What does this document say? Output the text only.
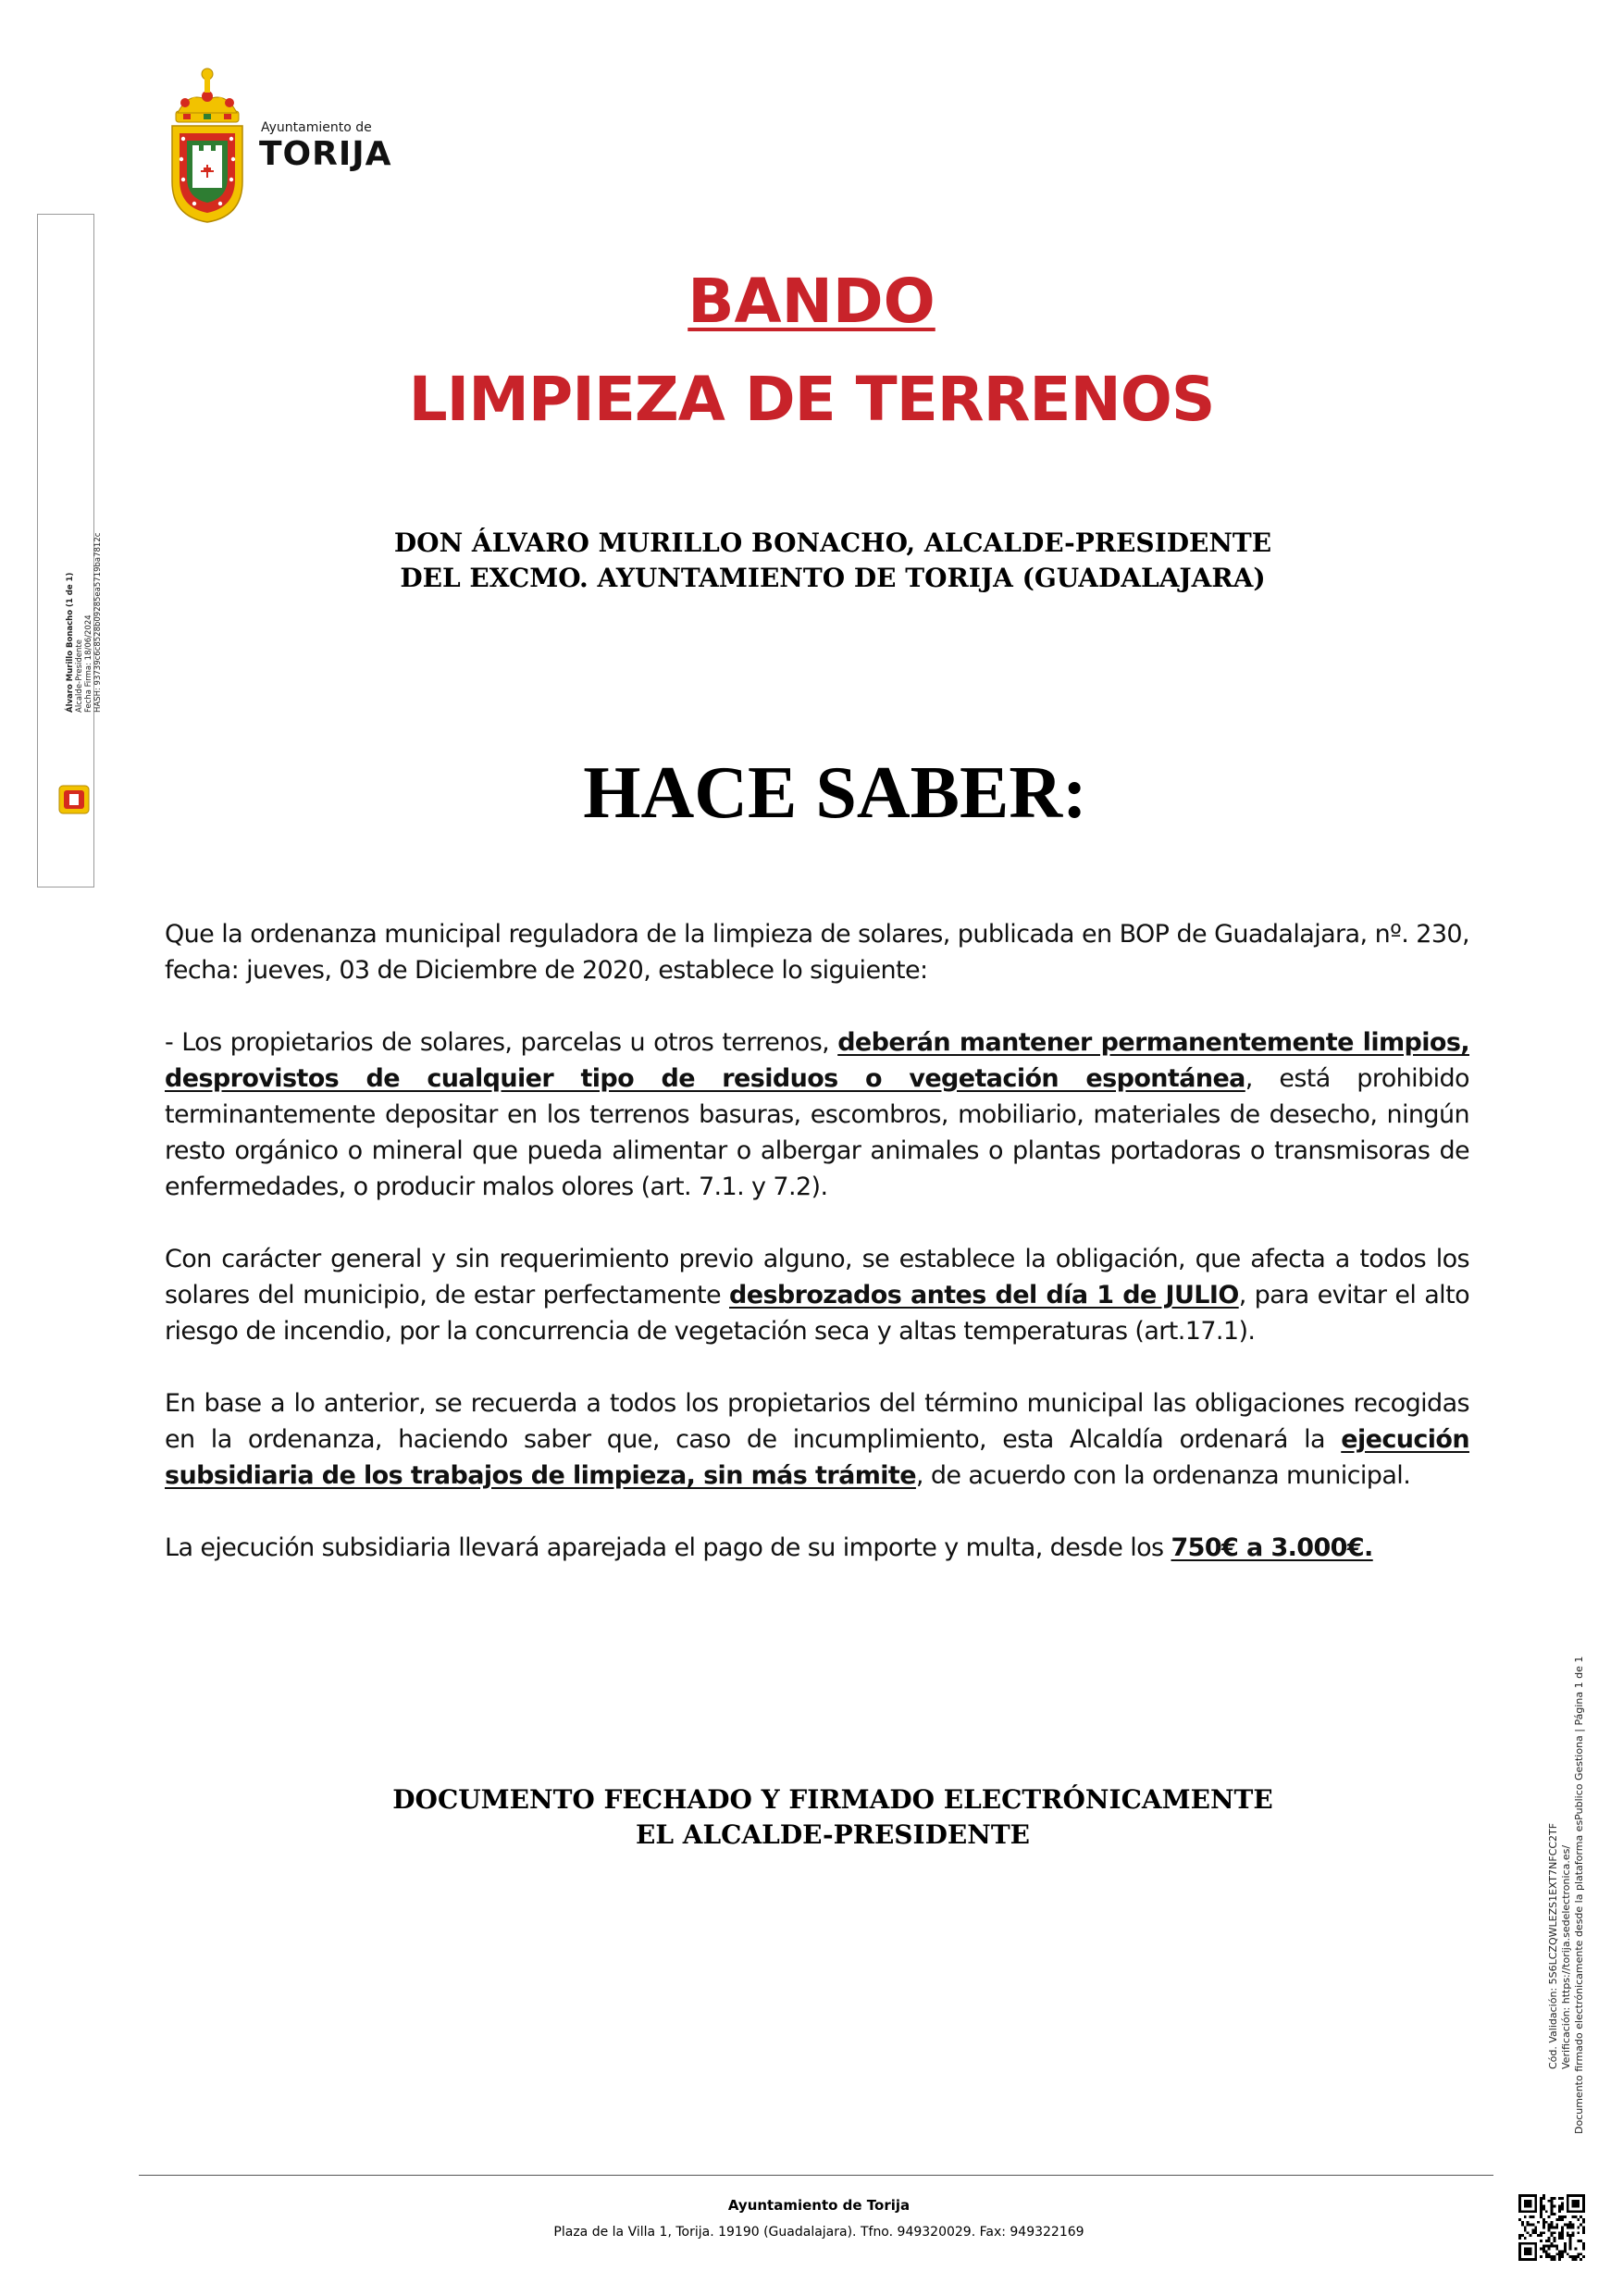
Ayuntamiento de
TORIJA
Álvaro Murillo Bonacho (1 de 1) Alcalde-Presidente Fecha Firma: 18/06/2024 HASH: 93739c6c8528b09285ea5719ba7812c
BANDO
LIMPIEZA DE TERRENOS
DON ÁLVARO MURILLO BONACHO, ALCALDE-PRESIDENTE
DEL EXCMO. AYUNTAMIENTO DE TORIJA (GUADALAJARA)
HACE SABER:

Que la ordenanza municipal reguladora de la limpieza de solares, publicada en BOP de Guadalajara, nº. 230, fecha: jueves, 03 de Diciembre de 2020, establece lo siguiente:

- Los propietarios de solares, parcelas u otros terrenos, deberán mantener permanentemente limpios, desprovistos de cualquier tipo de residuos o vegetación espontánea, está prohibido terminantemente depositar en los terrenos basuras, escombros, mobiliario, materiales de desecho, ningún resto orgánico o mineral que pueda alimentar o albergar animales o plantas portadoras o transmisoras de enfermedades, o producir malos olores (art. 7.1. y 7.2).

Con carácter general y sin requerimiento previo alguno, se establece la obligación, que afecta a todos los solares del municipio, de estar perfectamente desbrozados antes del día 1 de JULIO, para evitar el alto riesgo de incendio, por la concurrencia de vegetación seca y altas temperaturas (art.17.1).

En base a lo anterior, se recuerda a todos los propietarios del término municipal las obligaciones recogidas en la ordenanza, haciendo saber que, caso de incumplimiento, esta Alcaldía ordenará la ejecución subsidiaria de los trabajos de limpieza, sin más trámite, de acuerdo con la ordenanza municipal.

La ejecución subsidiaria llevará aparejada el pago de su importe y multa, desde los 750€ a 3.000€.

DOCUMENTO FECHADO Y FIRMADO ELECTRÓNICAMENTE
EL ALCALDE-PRESIDENTE
Ayuntamiento de Torija
Plaza de la Villa 1, Torija. 19190 (Guadalajara). Tfno. 949320029. Fax: 949322169
Cód. Validación: 5S6LCZQWLEZS1EXT7NFCC2TF Verificación: https://torija.sedelectronica.es/ Documento firmado electrónicamente desde la plataforma esPublico Gestiona | Página 1 de 1
